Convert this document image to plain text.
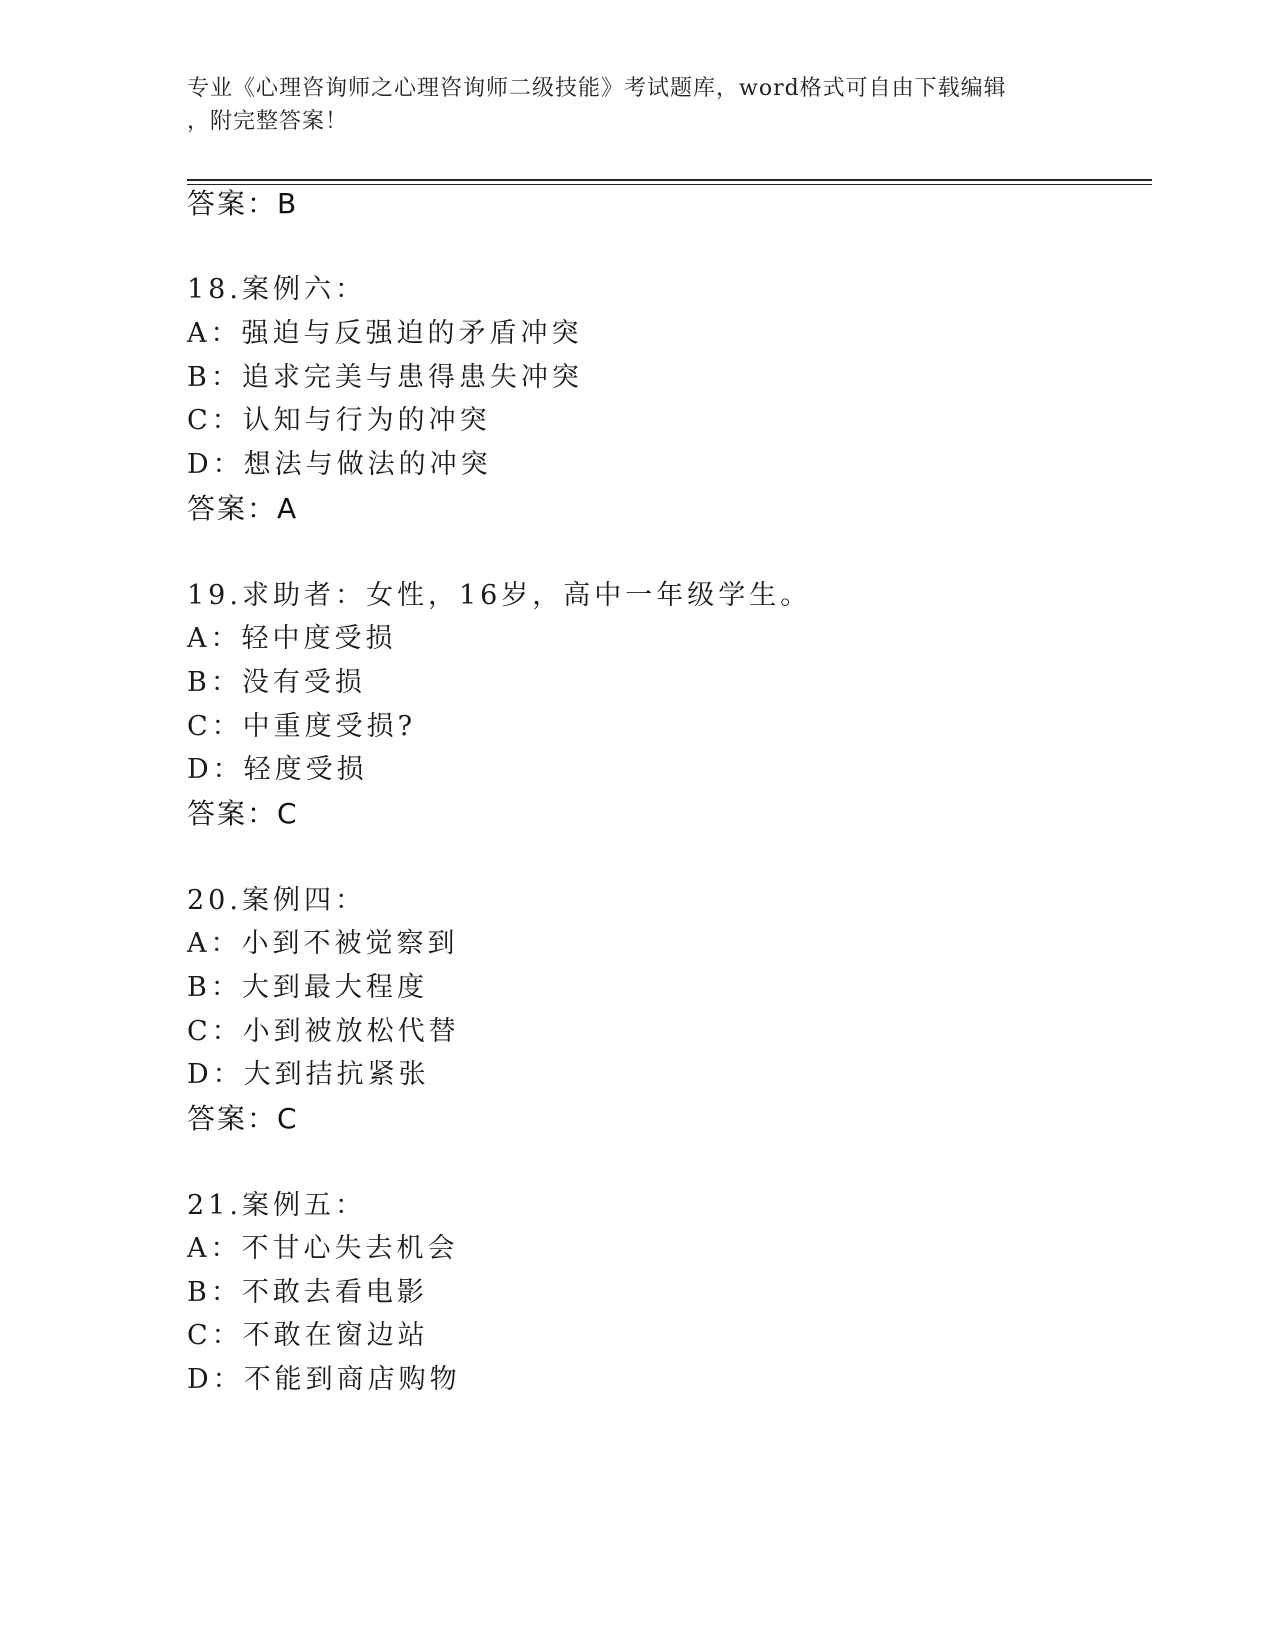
专业《心理咨询师之心理咨询师二级技能》考试题库，word格式可自由下载编辑
，附完整答案！
答案：B
18.案例六：
A：强迫与反强迫的矛盾冲突
B：追求完美与患得患失冲突
C：认知与行为的冲突
D：想法与做法的冲突
答案：A
19.求助者：女性，16岁，高中一年级学生。
A：轻中度受损
B：没有受损
C：中重度受损?
D：轻度受损
答案：C
20.案例四：
A：小到不被觉察到
B：大到最大程度
C：小到被放松代替
D：大到拮抗紧张
答案：C
21.案例五：
A：不甘心失去机会
B：不敢去看电影
C：不敢在窗边站
D：不能到商店购物
